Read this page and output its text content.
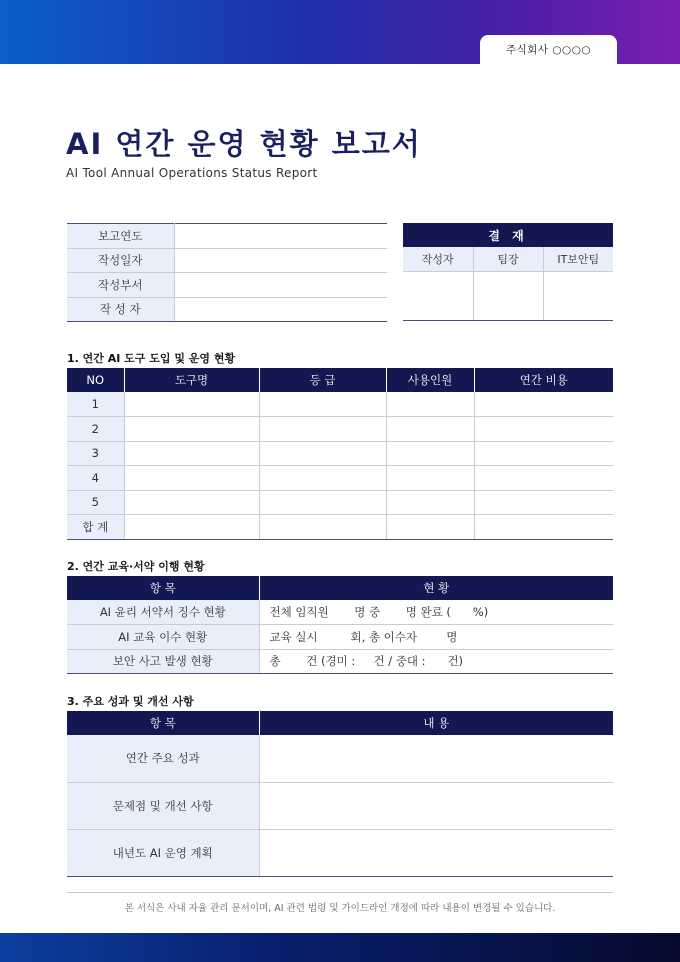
주식회사 ○○○○
AI 연간 운영 현황 보고서
AI Tool Annual Operations Status Report
보고연도	
작성일자	
작성부서	
작 성 자	
결 재		
작성자	팀장	IT보안팀

1. 연간 AI 도구 도입 및 운영 현황
NO	도구명	등 급	사용인원	연간 비용
1				
2				
3				
4				
5				
합 계				
2. 연간 교육·서약 이행 현황
항 목	현 황
AI 윤리 서약서 징수 현황	전체 임직원       명 중       명 완료 (      %)
AI 교육 이수 현황	교육 실시         회, 총 이수자        명
보안 사고 발생 현황	총       건 (경미 :     건 / 중대 :      건)
3. 주요 성과 및 개선 사항
항 목	내 용
연간 주요 성과	
문제점 및 개선 사항	
내년도 AI 운영 계획	
본 서식은 사내 자율 관리 문서이며, AI 관련 법령 및 가이드라인 개정에 따라 내용이 변경될 수 있습니다.
